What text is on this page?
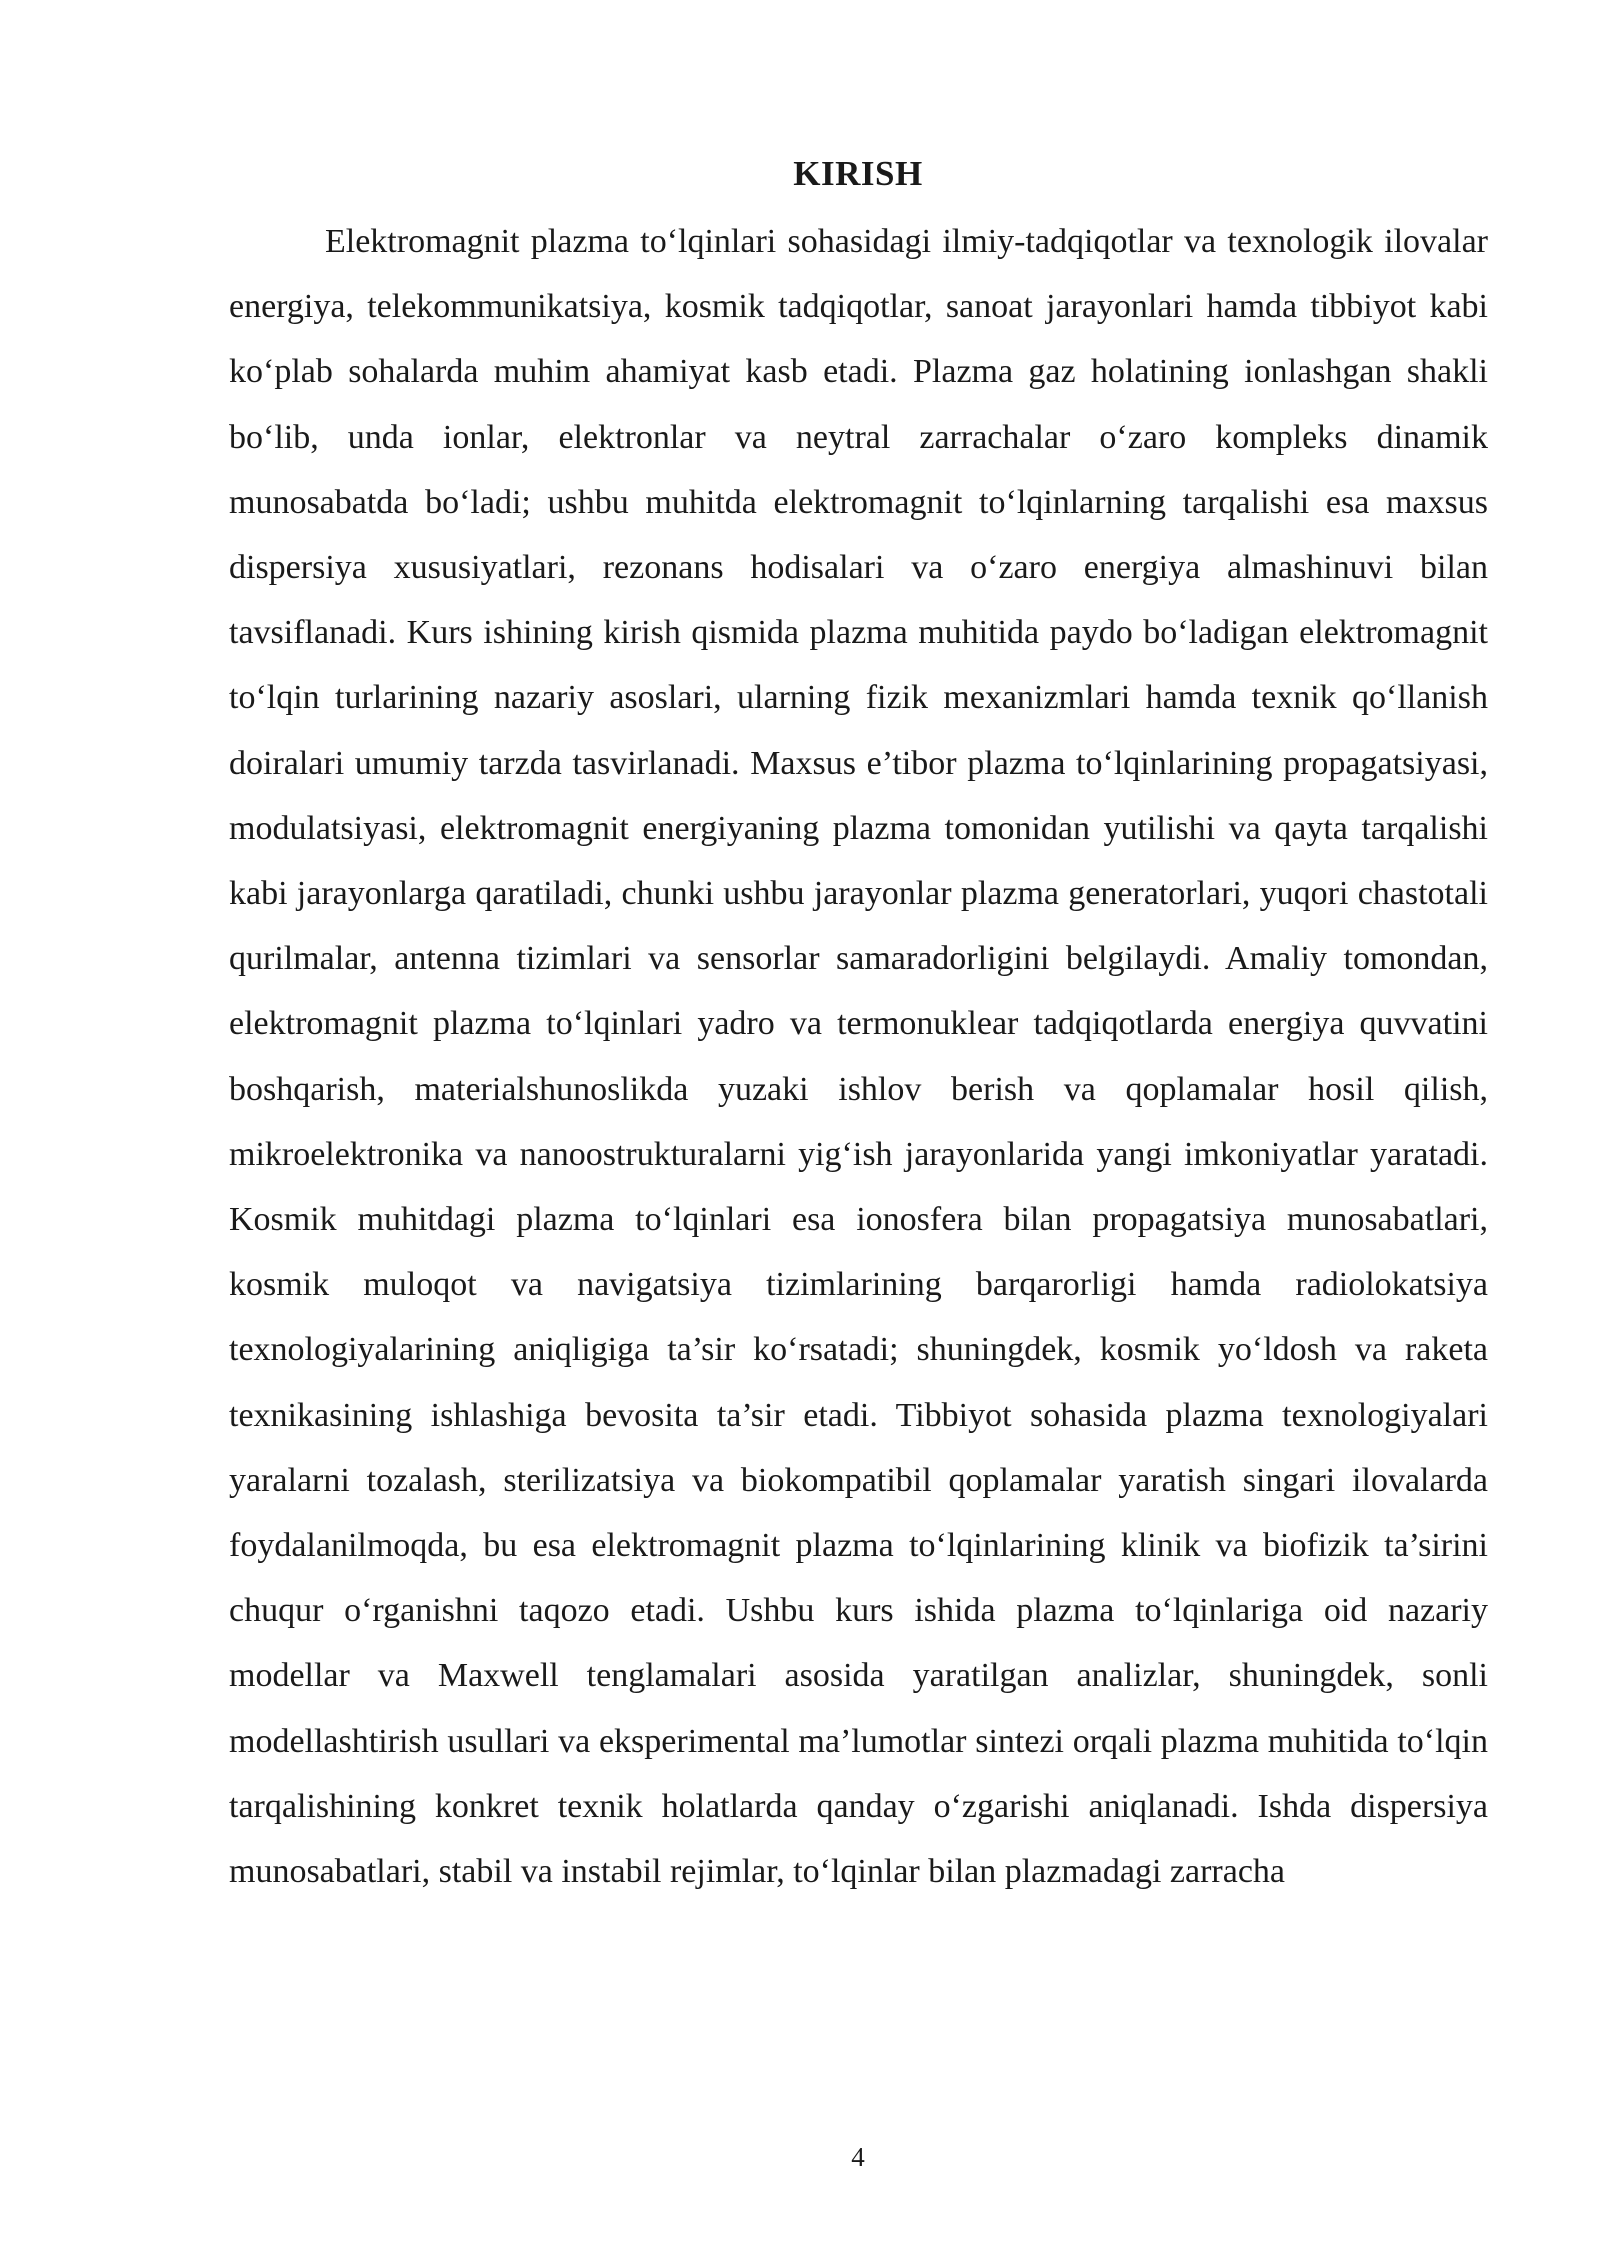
KIRISH

Elektromagnit plazma to‘lqinlari sohasidagi ilmiy-tadqiqotlar va texnologik ilovalar energiya, telekommunikatsiya, kosmik tadqiqotlar, sanoat jarayonlari hamda tibbiyot kabi ko‘plab sohalarda muhim ahamiyat kasb etadi. Plazma gaz holatining ionlashgan shakli bo‘lib, unda ionlar, elektronlar va neytral zarrachalar o‘zaro kompleks dinamik munosabatda bo‘ladi; ushbu muhitda elektromagnit to‘lqinlarning tarqalishi esa maxsus dispersiya xususiyatlari, rezonans hodisalari va o‘zaro energiya almashinuvi bilan tavsiflanadi. Kurs ishining kirish qismida plazma muhitida paydo bo‘ladigan elektromagnit to‘lqin turlarining nazariy asoslari, ularning fizik mexanizmlari hamda texnik qo‘llanish doiralari umumiy tarzda tasvirlanadi. Maxsus e’tibor plazma to‘lqinlarining propagatsiyasi, modulatsiyasi, elektromagnit energiyaning plazma tomonidan yutilishi va qayta tarqalishi kabi jarayonlarga qaratiladi, chunki ushbu jarayonlar plazma generatorlari, yuqori chastotali qurilmalar, antenna tizimlari va sensorlar samaradorligini belgilaydi. Amaliy tomondan, elektromagnit plazma to‘lqinlari yadro va termonuklear tadqiqotlarda energiya quvvatini boshqarish, materialshunoslikda yuzaki ishlov berish va qoplamalar hosil qilish, mikroelektronika va nanoostrukturalarni yig‘ish jarayonlarida yangi imkoniyatlar yaratadi. Kosmik muhitdagi plazma to‘lqinlari esa ionosfera bilan propagatsiya munosabatlari, kosmik muloqot va navigatsiya tizimlarining barqarorligi hamda radiolokatsiya texnologiyalarining aniqligiga ta’sir ko‘rsatadi; shuningdek, kosmik yo‘ldosh va raketa texnikasining ishlashiga bevosita ta’sir etadi. Tibbiyot sohasida plazma texnologiyalari yaralarni tozalash, sterilizatsiya va biokompatibil qoplamalar yaratish singari ilovalarda foydalanilmoqda, bu esa elektromagnit plazma to‘lqinlarining klinik va biofizik ta’sirini chuqur o‘rganishni taqozo etadi. Ushbu kurs ishida plazma to‘lqinlariga oid nazariy modellar va Maxwell tenglamalari asosida yaratilgan analizlar, shuningdek, sonli modellashtirish usullari va eksperimental ma’lumotlar sintezi orqali plazma muhitida to‘lqin tarqalishining konkret texnik holatlarda qanday o‘zgarishi aniqlanadi. Ishda dispersiya munosabatlari, stabil va instabil rejimlar, to‘lqinlar bilan plazmadagi zarracha

4
